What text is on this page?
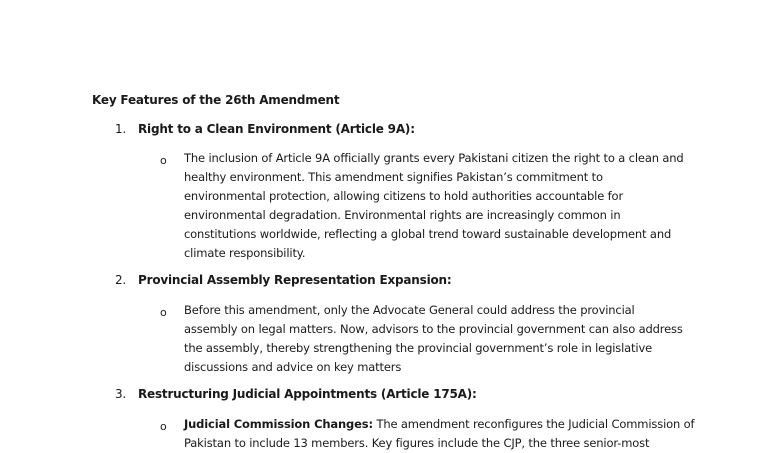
Key Features of the 26th Amendment
1. Right to a Clean Environment (Article 9A):
o The inclusion of Article 9A officially grants every Pakistani citizen the right to a clean and
healthy environment. This amendment signifies Pakistan’s commitment to
environmental protection, allowing citizens to hold authorities accountable for
environmental degradation. Environmental rights are increasingly common in
constitutions worldwide, reflecting a global trend toward sustainable development and
climate responsibility.
2. Provincial Assembly Representation Expansion:
o Before this amendment, only the Advocate General could address the provincial
assembly on legal matters. Now, advisors to the provincial government can also address
the assembly, thereby strengthening the provincial government’s role in legislative
discussions and advice on key matters
3. Restructuring Judicial Appointments (Article 175A):
o Judicial Commission Changes: The amendment reconfigures the Judicial Commission of
Pakistan to include 13 members. Key figures include the CJP, the three senior-most
